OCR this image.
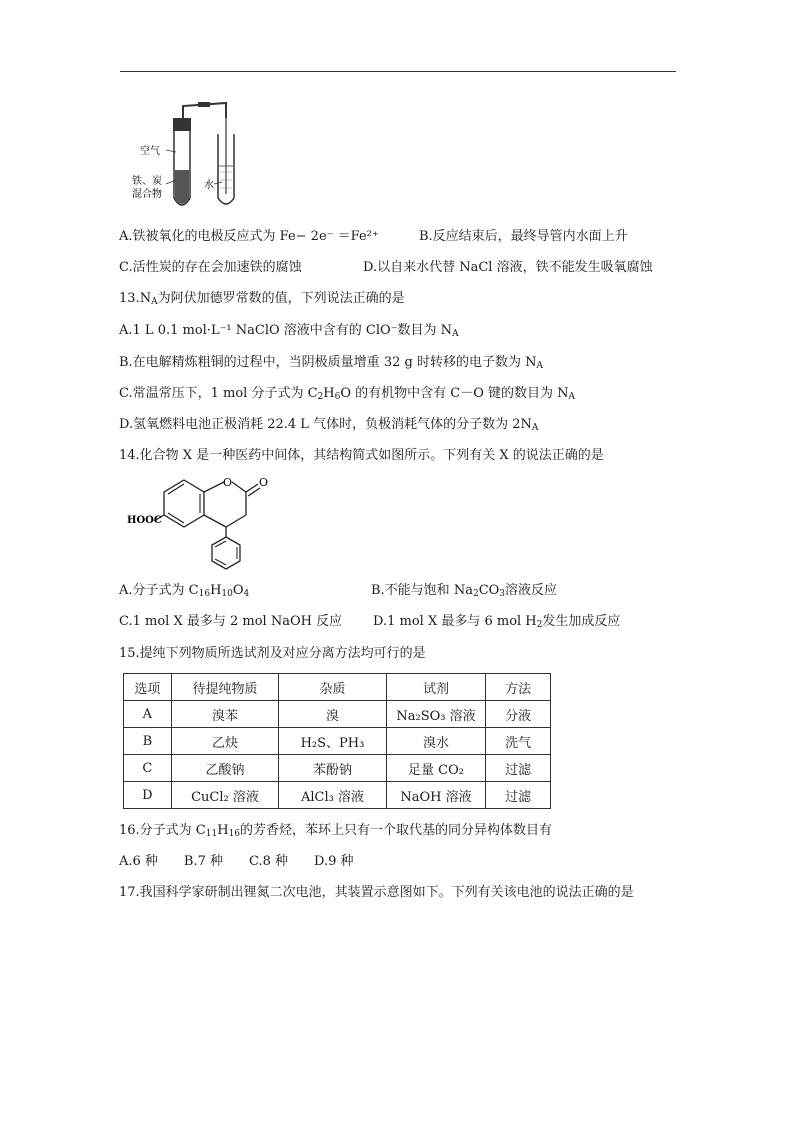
空气
铁、炭
混合物
水
A.铁被氧化的电极反应式为 Fe− 2e⁻ ＝Fe²⁺	B.反应结束后，最终导管内水面上升
C.活性炭的存在会加速铁的腐蚀	D.以自来水代替 NaCl 溶液，铁不能发生吸氧腐蚀
$13.N_A$为阿伏加德罗常数的值，下列说法正确的是
A.1 L 0.1 mol·L⁻¹ NaClO 溶液中含有的 ClO⁻数目为 $N_A$
B.在电解精炼粗铜的过程中，当阴极质量增重 32 g 时转移的电子数为 $N_A$
C.常温常压下，1 mol 分子式为 $C_2H_6O$ 的有机物中含有 C－O 键的数目为 $N_A$
D.氢氧燃料电池正极消耗 22.4 L 气体时，负极消耗气体的分子数为 $2N_A$
14.化合物 X 是一种医药中间体，其结构简式如图所示。下列有关 X 的说法正确的是
O O
HOOC
A.分子式为 $C_{16}H_{10}O_4$	B.不能与饱和 $Na_2CO_3$溶液反应
C.1 mol X 最多与 2 mol NaOH 反应 D.1 mol X 最多与 6 mol $H_2$发生加成反应
15.提纯下列物质所选试剂及对应分离方法均可行的是
选项	待提纯物质	杂质	试剂	方法
A	溴苯	溴	Na₂SO₃ 溶液	分液
B	乙炔	H₂S、PH₃	溴水	洗气
C	乙酸钠	苯酚钠	足量 CO₂	过滤
D	CuCl₂ 溶液	AlCl₃ 溶液	NaOH 溶液	过滤
16.分子式为 $C_{11}H_{16}$的芳香烃，苯环上只有一个取代基的同分异构体数目有
A.6 种　　B.7 种　　C.8 种　　D.9 种
17.我国科学家研制出锂氮二次电池，其装置示意图如下。下列有关该电池的说法正确的是
